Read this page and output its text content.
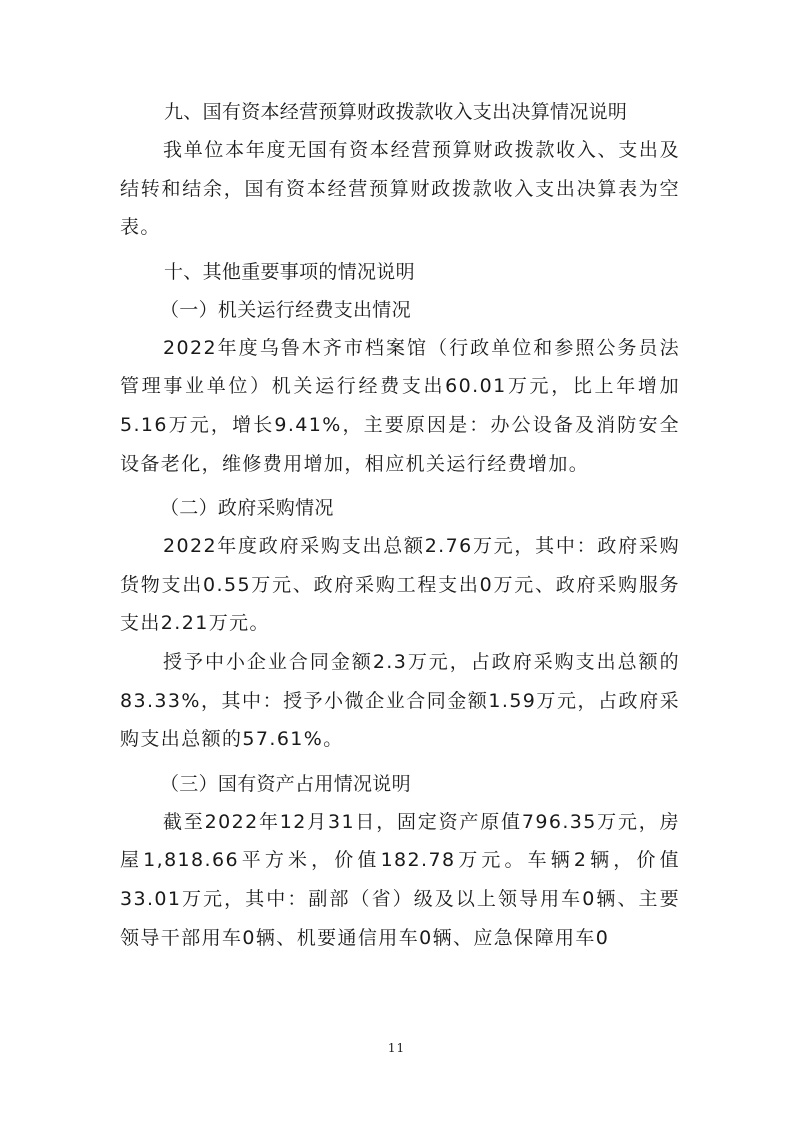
九、国有资本经营预算财政拨款收入支出决算情况说明

我单位本年度无国有资本经营预算财政拨款收入、支出及结转和结余，国有资本经营预算财政拨款收入支出决算表为空表。

十、其他重要事项的情况说明
（一）机关运行经费支出情况

2022年度乌鲁木齐市档案馆（行政单位和参照公务员法管理事业单位）机关运行经费支出60.01万元，比上年增加5.16万元，增长9.41%，主要原因是：办公设备及消防安全设备老化，维修费用增加，相应机关运行经费增加。

（二）政府采购情况

2022年度政府采购支出总额2.76万元，其中：政府采购货物支出0.55万元、政府采购工程支出0万元、政府采购服务支出2.21万元。

授予中小企业合同金额2.3万元，占政府采购支出总额的83.33%，其中：授予小微企业合同金额1.59万元，占政府采购支出总额的57.61%。

（三）国有资产占用情况说明

截至2022年12月31日，固定资产原值796.35万元，房屋1,818.66平方米，价值182.78万元。车辆2辆，价值33.01万元，其中：副部（省）级及以上领导用车0辆、主要领导干部用车0辆、机要通信用车0辆、应急保障用车0

11
